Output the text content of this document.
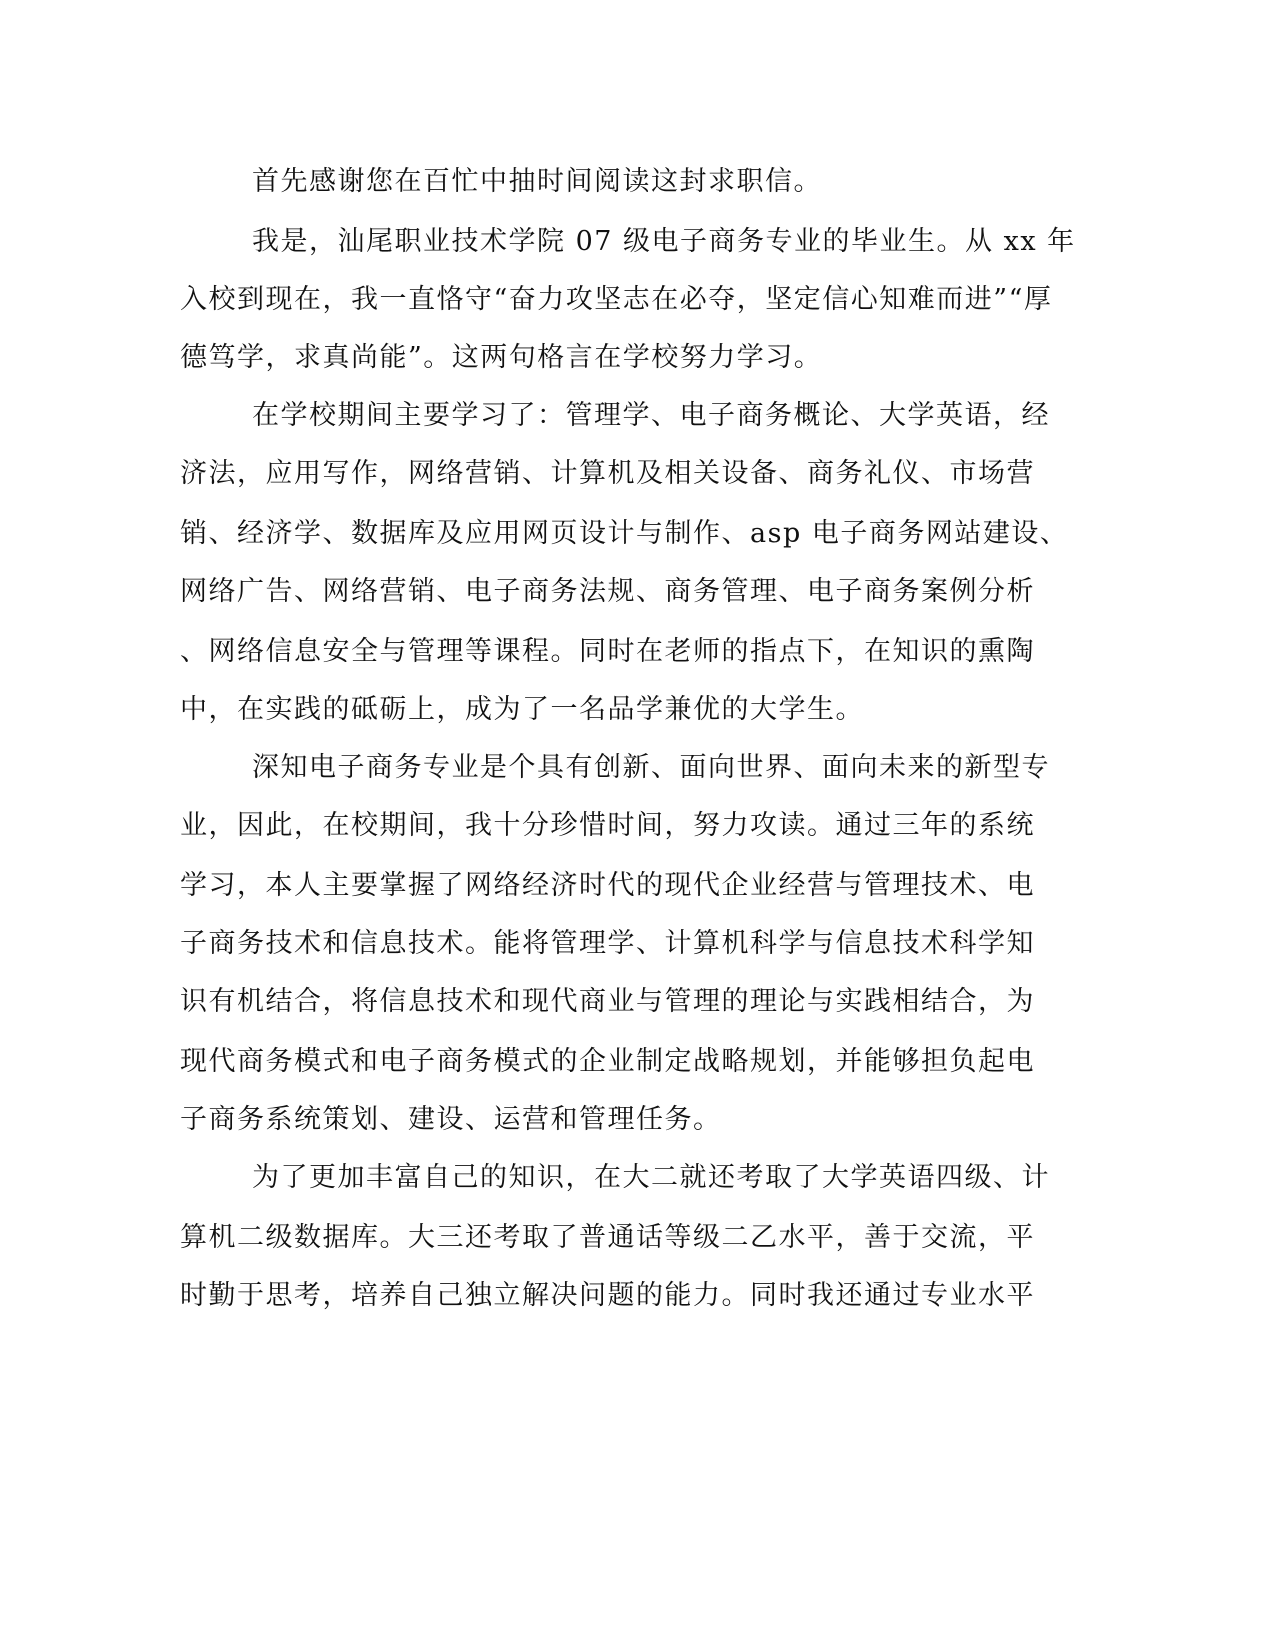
首先感谢您在百忙中抽时间阅读这封求职信。

我是，汕尾职业技术学院 07 级电子商务专业的毕业生。从 xx 年

入校到现在，我一直恪守“奋力攻坚志在必夺，坚定信心知难而进”“厚

德笃学，求真尚能”。这两句格言在学校努力学习。

在学校期间主要学习了：管理学、电子商务概论、大学英语，经

济法，应用写作，网络营销、计算机及相关设备、商务礼仪、市场营

销、经济学、数据库及应用网页设计与制作、asp 电子商务网站建设、

网络广告、网络营销、电子商务法规、商务管理、电子商务案例分析

、网络信息安全与管理等课程。同时在老师的指点下，在知识的熏陶

中，在实践的砥砺上，成为了一名品学兼优的大学生。

深知电子商务专业是个具有创新、面向世界、面向未来的新型专

业，因此，在校期间，我十分珍惜时间，努力攻读。通过三年的系统

学习，本人主要掌握了网络经济时代的现代企业经营与管理技术、电

子商务技术和信息技术。能将管理学、计算机科学与信息技术科学知

识有机结合，将信息技术和现代商业与管理的理论与实践相结合，为

现代商务模式和电子商务模式的企业制定战略规划，并能够担负起电

子商务系统策划、建设、运营和管理任务。

为了更加丰富自己的知识，在大二就还考取了大学英语四级、计

算机二级数据库。大三还考取了普通话等级二乙水平，善于交流，平

时勤于思考，培养自己独立解决问题的能力。同时我还通过专业水平
